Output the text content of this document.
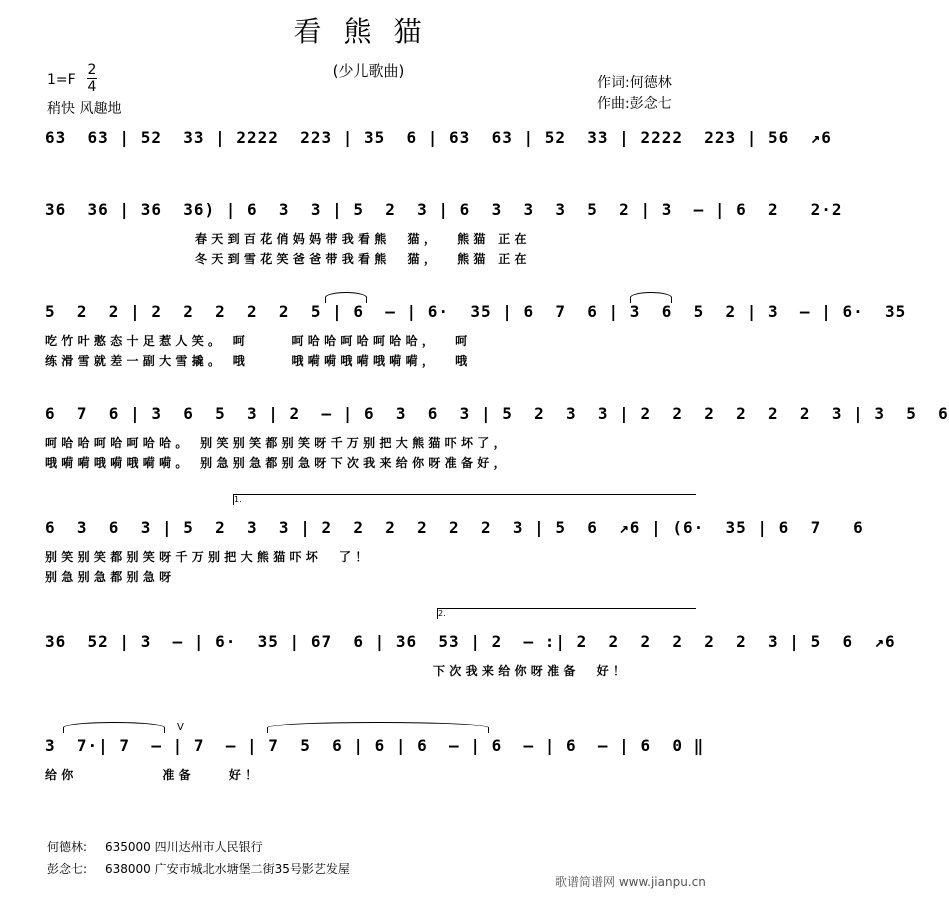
看熊猫
(少儿歌曲)
1=F
2
4
稍快 风趣地
作词:何德林
作曲:彭念七
63  63 | 52  33 | 2222  223 | 35  6 | 63  63 | 52  33 | 2222  223 | 56  ↗6
36  36 | 36  36) | 6  3  3 | 5  2  3 | 6  3  3  3  5  2 | 3  – | 6  2   2·2
春天到百花俏妈妈带我看熊  猫，  熊猫 正在
冬天到雪花笑爸爸带我看熊  猫，  熊猫 正在
5  2  2 | 2  2  2  2  2  5 | 6  – | 6·  35 | 6  7  6 | 3  6  5  2 | 3  – | 6·  35
吃竹叶憨态十足惹人笑。 呵     呵哈哈呵哈呵哈哈，  呵
练滑雪就差一副大雪撬。 哦     哦嗬嗬哦嗬哦嗬嗬，  哦
6  7  6 | 3  6  5  3 | 2  – | 6  3  6  3 | 5  2  3  3 | 2  2  2  2  2  2  3 | 3  5  6
呵哈哈呵哈呵哈哈。 别笑别笑都别笑呀千万别把大熊猫吓坏了，
哦嗬嗬哦嗬哦嗬嗬。 别急别急都别急呀下次我来给你呀准备好，
1.
6  3  6  3 | 5  2  3  3 | 2  2  2  2  2  2  3 | 5  6  ↗6 | (6·  35 | 6  7   6
别笑别笑都别笑呀千万别把大熊猫吓坏  了！
别急别急都别急呀
2.
36  52 | 3  – | 6·  35 | 67  6 | 36  53 | 2  – :| 2  2  2  2  2  2  3 | 5  6  ↗6
下次我来给你呀准备  好！
V
3  7·| 7  – | 7  – | 7  5  6 | 6 | 6  – | 6  – | 6  – | 6  0 ‖
给你          准备    好！
何德林: 635000 四川达州市人民银行
彭念七: 638000 广安市城北水塘堡二街35号影艺发屋
歌谱简谱网 www.jianpu.cn
